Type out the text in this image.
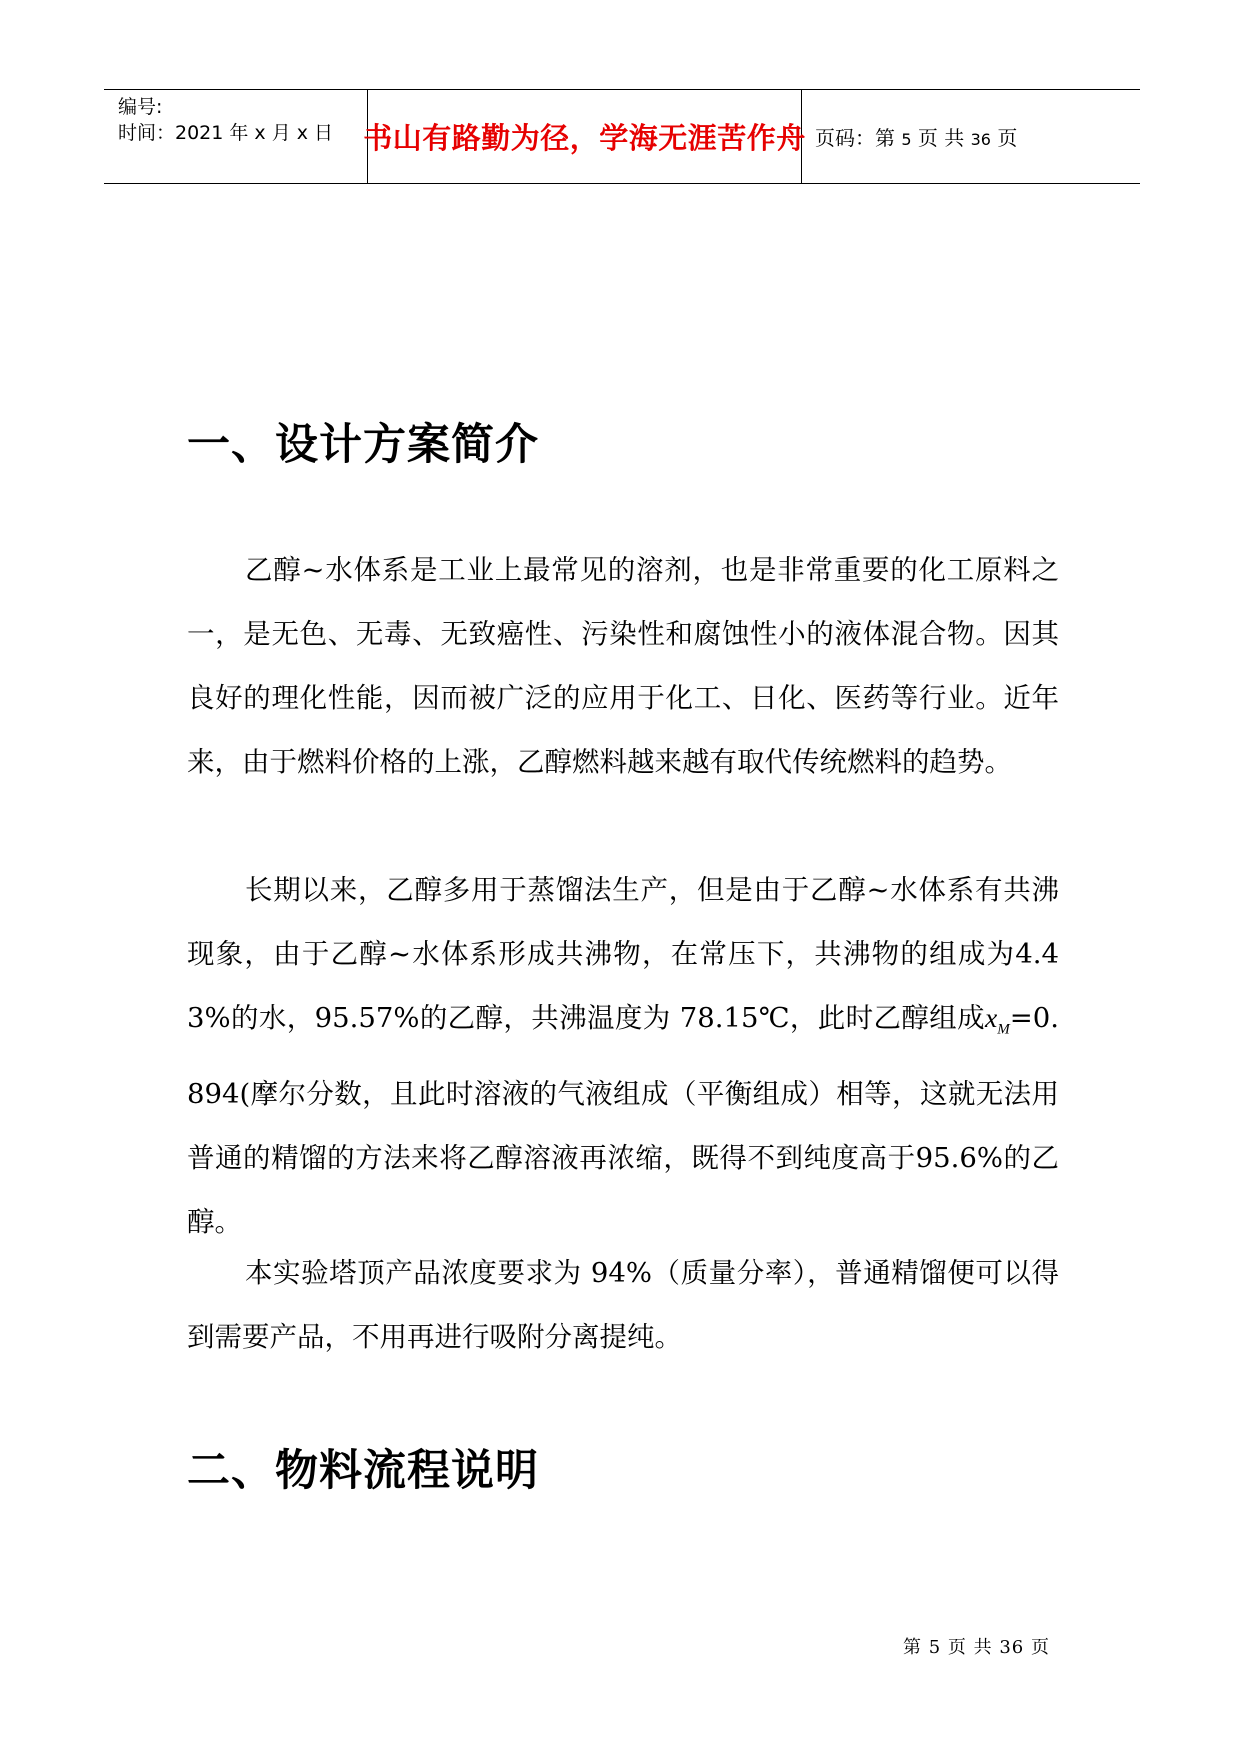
编号:
时间：2021 年 x 月 x 日 书山有路勤为径，学海无涯苦作舟 页码：第 5 页 共 36 页
一、设计方案简介

乙醇~水体系是工业上最常见的溶剂，也是非常重要的化工原料之一，是无色、无毒、无致癌性、污染性和腐蚀性小的液体混合物。因其良好的理化性能，因而被广泛的应用于化工、日化、医药等行业。近年来，由于燃料价格的上涨，乙醇燃料越来越有取代传统燃料的趋势。

长期以来，乙醇多用于蒸馏法生产，但是由于乙醇~水体系有共沸现象，由于乙醇~水体系形成共沸物，在常压下，共沸物的组成为4.43%的水，95.57%的乙醇，共沸温度为 78.15℃，此时乙醇组成$x_M=0.894$(摩尔分数，且此时溶液的气液组成（平衡组成）相等，这就无法用普通的精馏的方法来将乙醇溶液再浓缩，既得不到纯度高于95.6%的乙醇。

本实验塔顶产品浓度要求为 94%（质量分率），普通精馏便可以得到需要产品，不用再进行吸附分离提纯。

二、物料流程说明
第 5 页 共 36 页
